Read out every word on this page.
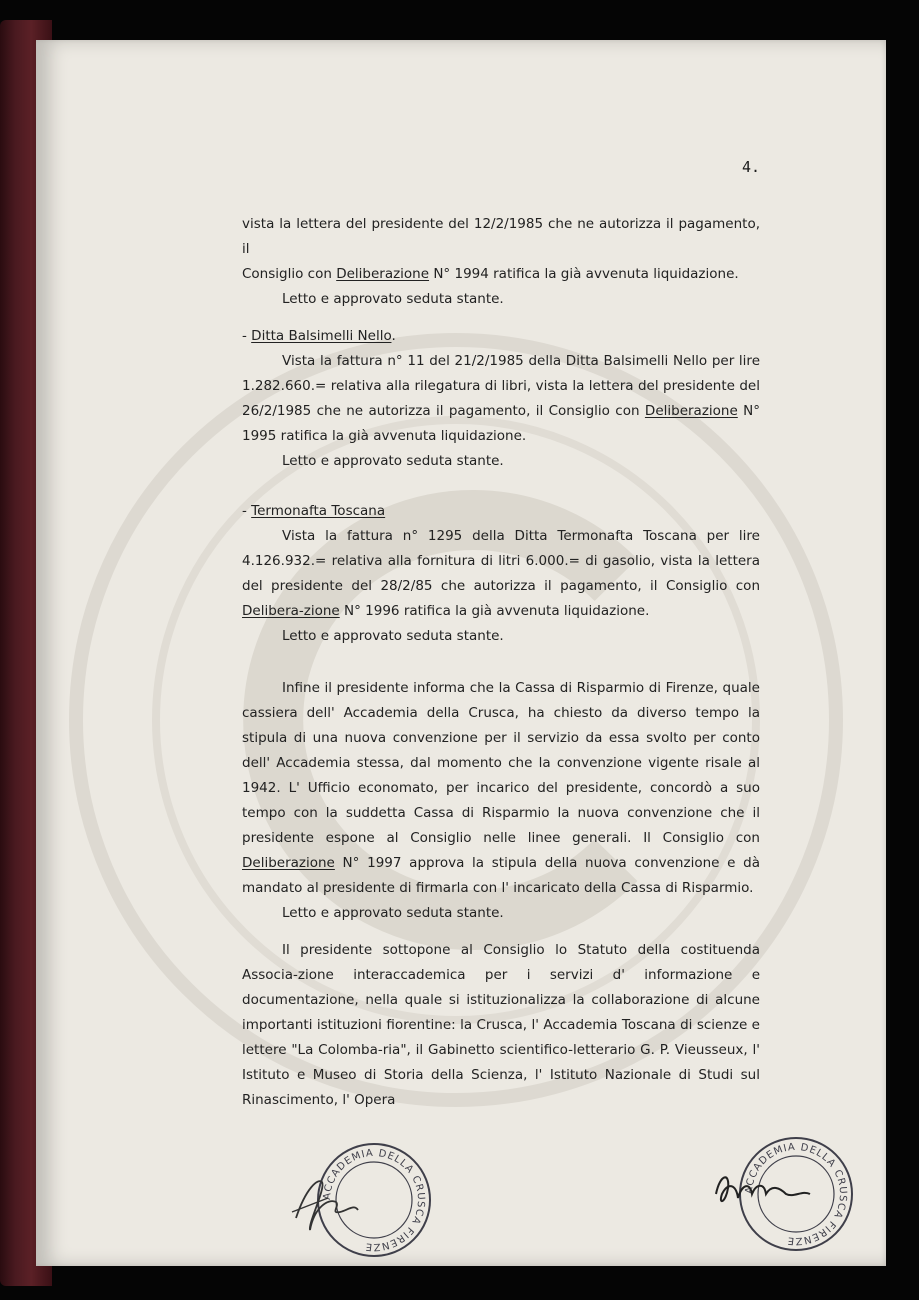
4.

vista la lettera del presidente del 12/2/1985 che ne autorizza il pagamento, il

Consiglio con Deliberazione N° 1994 ratifica la già avvenuta liquidazione.

Letto e approvato seduta stante.

- Ditta Balsimelli Nello.

Vista la fattura n° 11 del 21/2/1985 della Ditta Balsimelli Nello per lire 1.282.660.= relativa alla rilegatura di libri, vista la lettera del presidente del 26/2/1985 che ne autorizza il pagamento, il Consiglio con Deliberazione N° 1995 ratifica la già avvenuta liquidazione.

Letto e approvato seduta stante.

- Termonafta Toscana

Vista la fattura n° 1295 della Ditta Termonafta Toscana per lire 4.126.932.= relativa alla fornitura di litri 6.000.= di gasolio, vista la lettera del presidente del 28/2/85 che autorizza il pagamento, il Consiglio con Delibera-zione N° 1996 ratifica la già avvenuta liquidazione.

Letto e approvato seduta stante.

Infine il presidente informa che la Cassa di Risparmio di Firenze, quale cassiera dell' Accademia della Crusca, ha chiesto da diverso tempo la stipula di una nuova convenzione per il servizio da essa svolto per conto dell' Accademia stessa, dal momento che la convenzione vigente risale al 1942. L' Ufficio economato, per incarico del presidente, concordò a suo tempo con la suddetta Cassa di Risparmio la nuova convenzione che il presidente espone al Consiglio nelle linee generali. Il Consiglio con Deliberazione N° 1997 approva la stipula della nuova convenzione e dà mandato al presidente di firmarla con l' incaricato della Cassa di Risparmio.

Letto e approvato seduta stante.

Il presidente sottopone al Consiglio lo Statuto della costituenda Associa-zione interaccademica per i servizi d' informazione e documentazione, nella quale si istituzionalizza la collaborazione di alcune importanti istituzioni fiorentine: la Crusca, l' Accademia Toscana di scienze e lettere "La Colomba-ria", il Gabinetto scientifico-letterario G. P. Vieusseux, l' Istituto e Museo di Storia della Scienza, l' Istituto Nazionale di Studi sul Rinascimento, l' Opera

ACCADEMIA DELLA CRUSCA FIRENZE
ACCADEMIA DELLA CRUSCA FIRENZE
